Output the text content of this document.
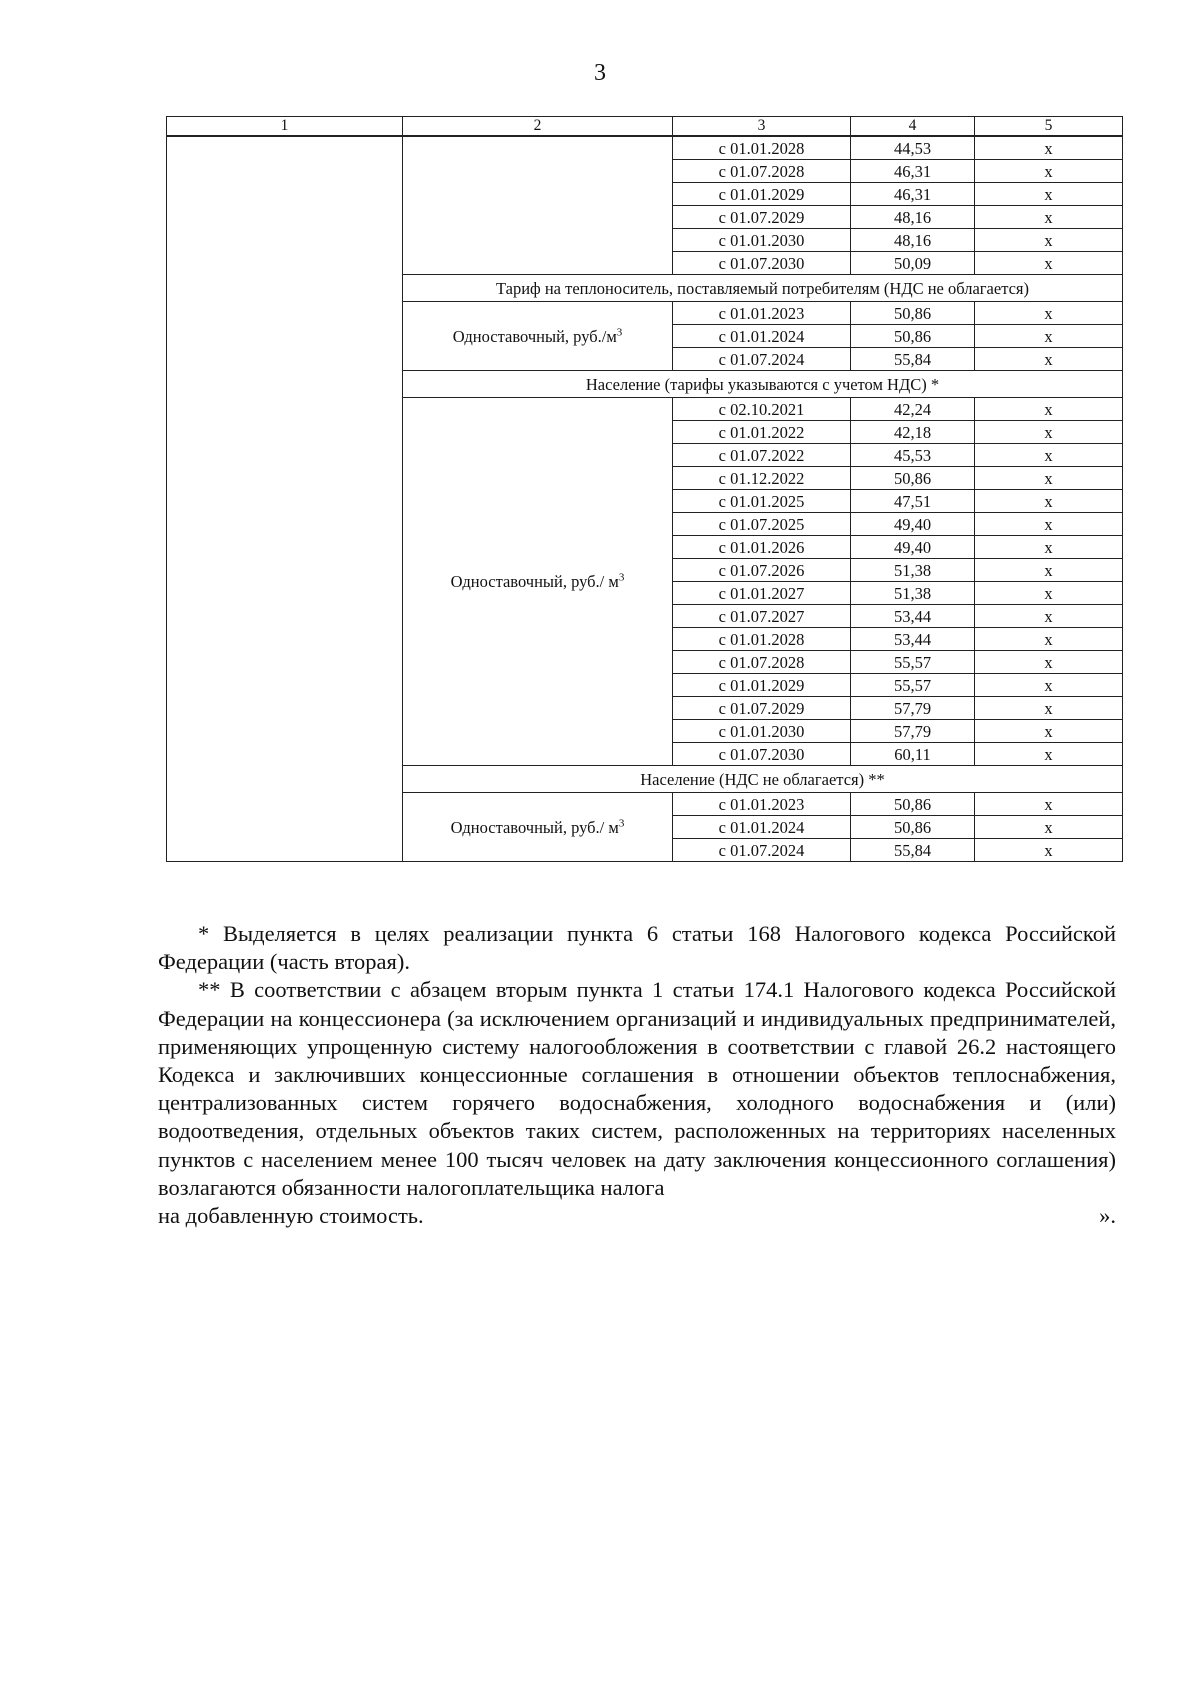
3
1	2	3	4	5
		с 01.01.2028	44,53	х
		с 01.07.2028	46,31	х
		с 01.01.2029	46,31	х
		с 01.07.2029	48,16	х
		с 01.01.2030	48,16	х
		с 01.07.2030	50,09	х
	Тариф на теплоноситель, поставляемый потребителям (НДС не облагается)			
	Одноставочный, $руб./м^3$	с 01.01.2023	50,86	х
		с 01.01.2024	50,86	х
		с 01.07.2024	55,84	х
	Население (тарифы указываются с учетом НДС) *			
	Одноставочный, руб./ $м^3$	с 02.10.2021	42,24	х
		с 01.01.2022	42,18	х
		с 01.07.2022	45,53	х
		с 01.12.2022	50,86	х
		с 01.01.2025	47,51	х
		с 01.07.2025	49,40	х
		с 01.01.2026	49,40	х
		с 01.07.2026	51,38	х
		с 01.01.2027	51,38	х
		с 01.07.2027	53,44	х
		с 01.01.2028	53,44	х
		с 01.07.2028	55,57	х
		с 01.01.2029	55,57	х
		с 01.07.2029	57,79	х
		с 01.01.2030	57,79	х
		с 01.07.2030	60,11	х
	Население (НДС не облагается) **			
	Одноставочный, руб./ $м^3$	с 01.01.2023	50,86	х
		с 01.01.2024	50,86	х
		с 01.07.2024	55,84	х

* Выделяется в целях реализации пункта 6 статьи 168 Налогового кодекса Российской Федерации (часть вторая).

** В соответствии с абзацем вторым пункта 1 статьи 174.1 Налогового кодекса Российской Федерации на концессионера (за исключением организаций и индивидуальных предпринимателей, применяющих упрощенную систему налогообложения в соответствии с главой 26.2 настоящего Кодекса и заключивших концессионные соглашения в отношении объектов теплоснабжения, централизованных систем горячего водоснабжения, холодного водоснабжения и (или) водоотведения, отдельных объектов таких систем, расположенных на территориях населенных пунктов с населением менее 100 тысяч человек на дату заключения концессионного соглашения) возлагаются обязанности налогоплательщика налога

на добавленную стоимость.	».
